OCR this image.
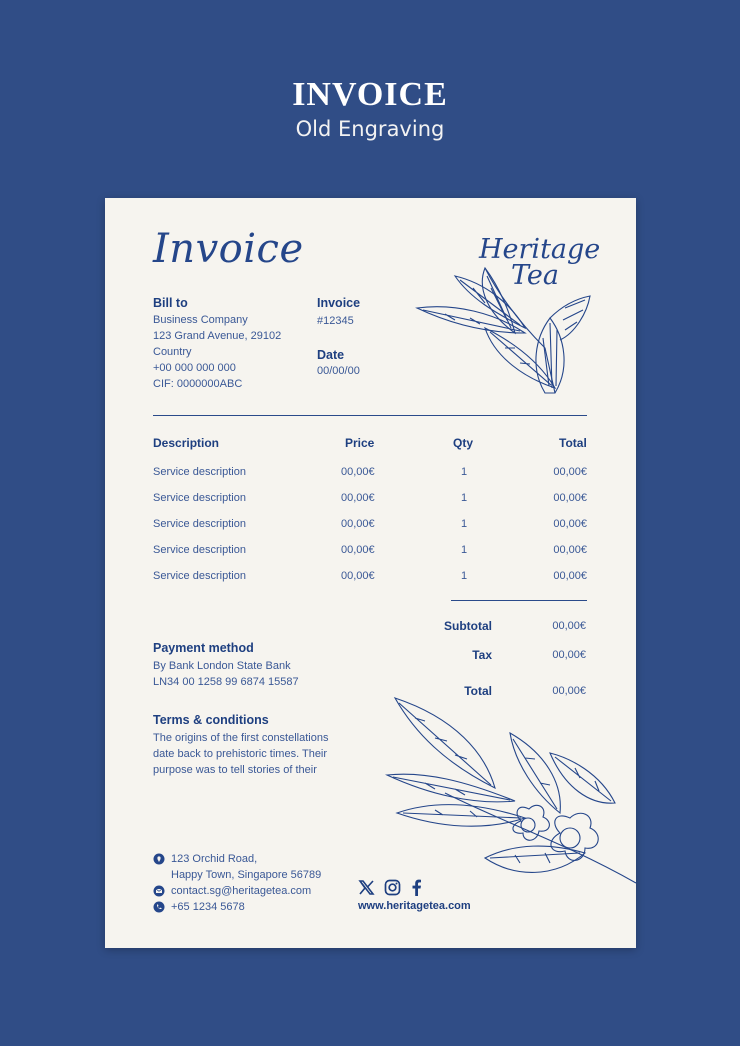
INVOICE
Old Engraving
Invoice	Heritage
Tea
Bill to
Business Company
123 Grand Avenue, 29102
Country
+00 000 000 000
CIF: 0000000ABC
Invoice
#12345
Date
00/00/00
Description	Price	Qty	Total
Service description	00,00€	1	00,00€
Service description	00,00€	1	00,00€
Service description	00,00€	1	00,00€
Service description	00,00€	1	00,00€
Service description	00,00€	1	00,00€
Subtotal	00,00€
Tax	00,00€
Total	00,00€
Payment method
By Bank London State Bank
LN34 00 1258 99 6874 15587
Terms & conditions
The origins of the first constellations
date back to prehistoric times. Their
purpose was to tell stories of their
123 Orchid Road,
Happy Town, Singapore 56789
contact.sg@heritagetea.com
+65 1234 5678	www.heritagetea.com
